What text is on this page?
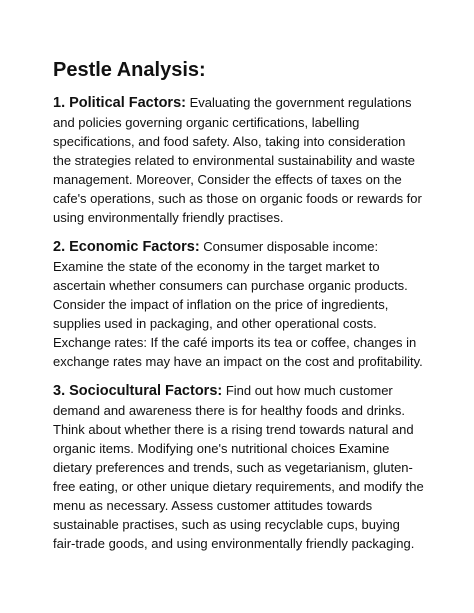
Pestle Analysis:

1. Political Factors: Evaluating the government regulations and policies governing organic certifications, labelling specifications, and food safety. Also, taking into consideration the strategies related to environmental sustainability and waste management. Moreover, Consider the effects of taxes on the cafe's operations, such as those on organic foods or rewards for using environmentally friendly practises.

2. Economic Factors: Consumer disposable income: Examine the state of the economy in the target market to ascertain whether consumers can purchase organic products. Consider the impact of inflation on the price of ingredients, supplies used in packaging, and other operational costs. Exchange rates: If the café imports its tea or coffee, changes in exchange rates may have an impact on the cost and profitability.

3. Sociocultural Factors: Find out how much customer demand and awareness there is for healthy foods and drinks. Think about whether there is a rising trend towards natural and organic items. Modifying one's nutritional choices Examine dietary preferences and trends, such as vegetarianism, gluten-free eating, or other unique dietary requirements, and modify the menu as necessary. Assess customer attitudes towards sustainable practises, such as using recyclable cups, buying fair-trade goods, and using environmentally friendly packaging.
